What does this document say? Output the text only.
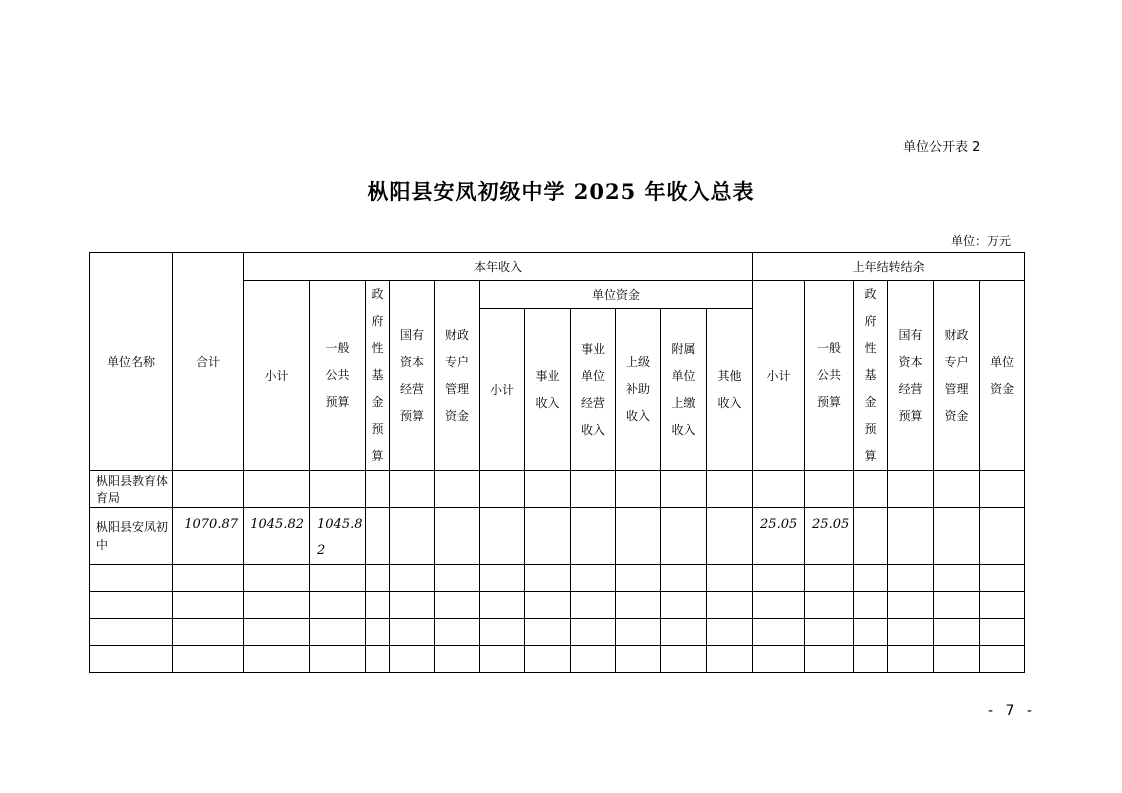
单位公开表 2
枞阳县安凤初级中学 2025 年收入总表
单位：万元
单位名称	合计	本年收入											上年结转结余					
		小计	一般公共预算	政府性基金预算	国有资本经营预算	财政专户管理资金	单位资金						小计	一般公共预算	政府性基金预算	国有资本经营预算	财政专户管理资金	单位资金
							小计	事业收入	事业单位经营收入	上级补助收入	附属单位上缴收入	其他收入						
枞阳县教育体育局																		
枞阳县安凤初中	1070.87	1045.82	1045.82										25.05	25.05				

- 7 -
